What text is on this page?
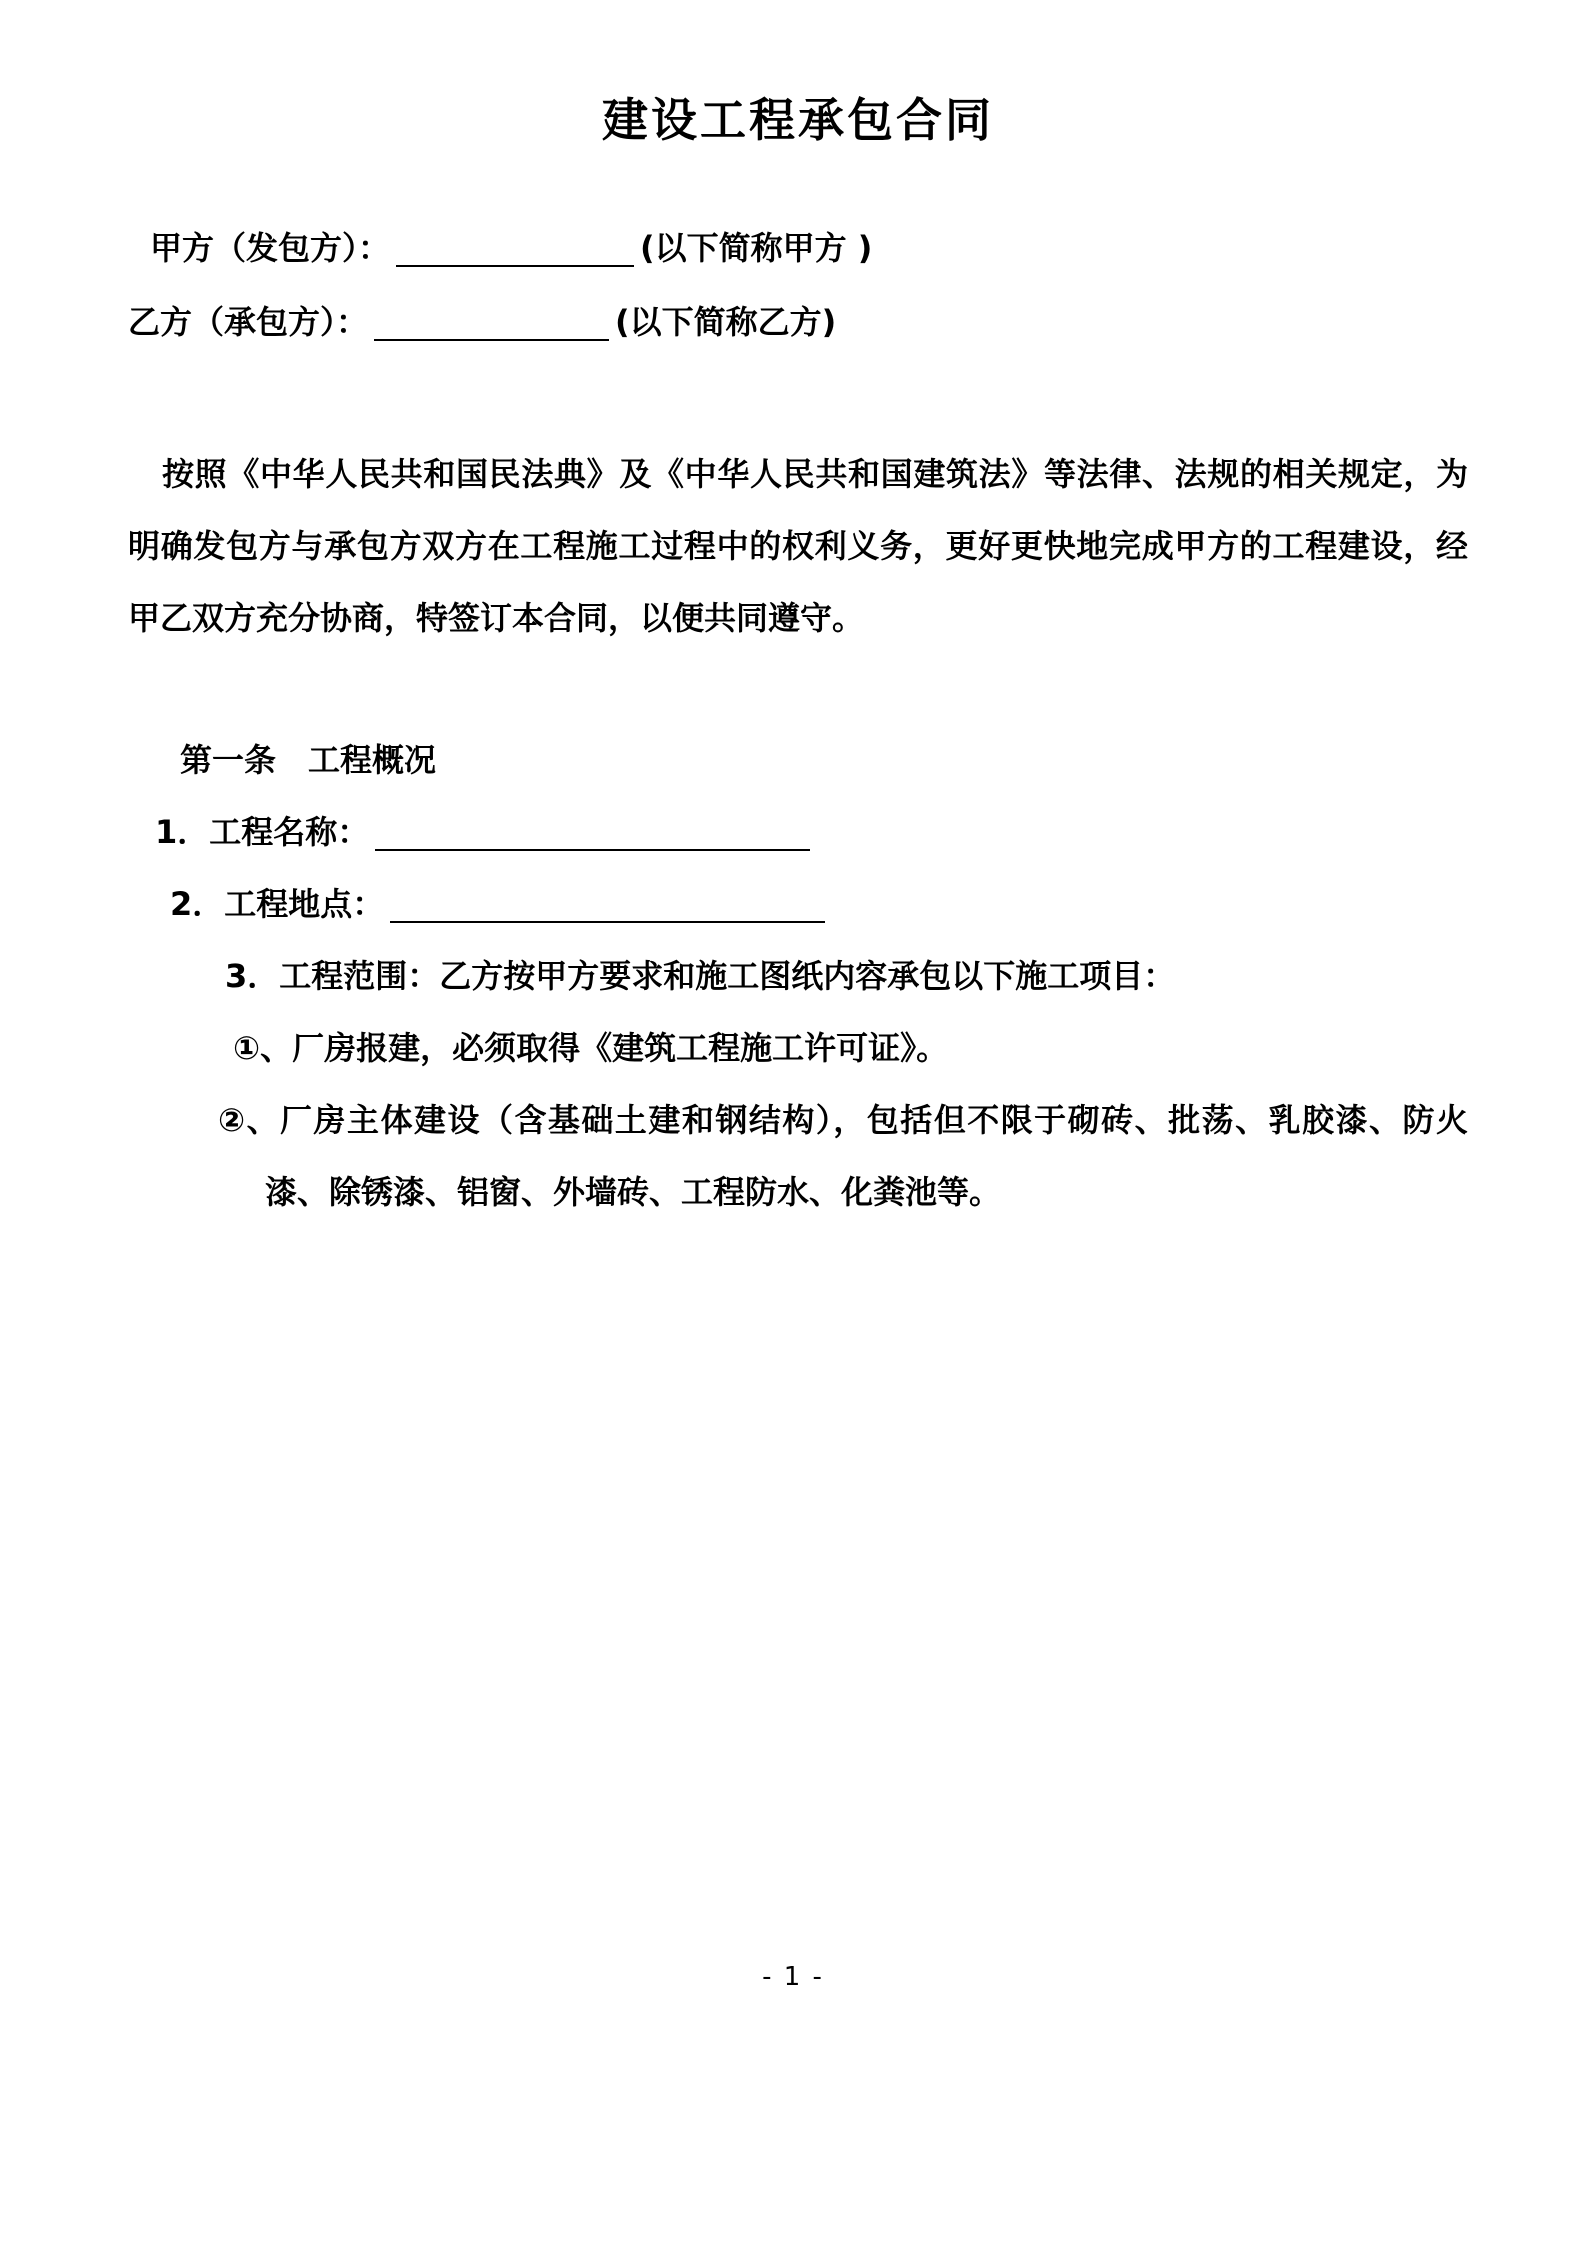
建设工程承包合同
甲方（发包方）：	(以下简称甲方 )
乙方（承包方）：	(以下简称乙方)

按照《中华人民共和国民法典》及《中华人民共和国建筑法》等法律、法规的相关规定，为明确发包方与承包方双方在工程施工过程中的权利义务，更好更快地完成甲方的工程建设，经甲乙双方充分协商，特签订本合同，以便共同遵守。

第一条　工程概况
1．工程名称：
2．工程地点：
3．工程范围：乙方按甲方要求和施工图纸内容承包以下施工项目：
①、厂房报建，必须取得《建筑工程施工许可证》。

②、厂房主体建设（含基础土建和钢结构），包括但不限于砌砖、批荡、乳胶漆、防火漆、除锈漆、铝窗、外墙砖、工程防水、化粪池等。

- 1 -
